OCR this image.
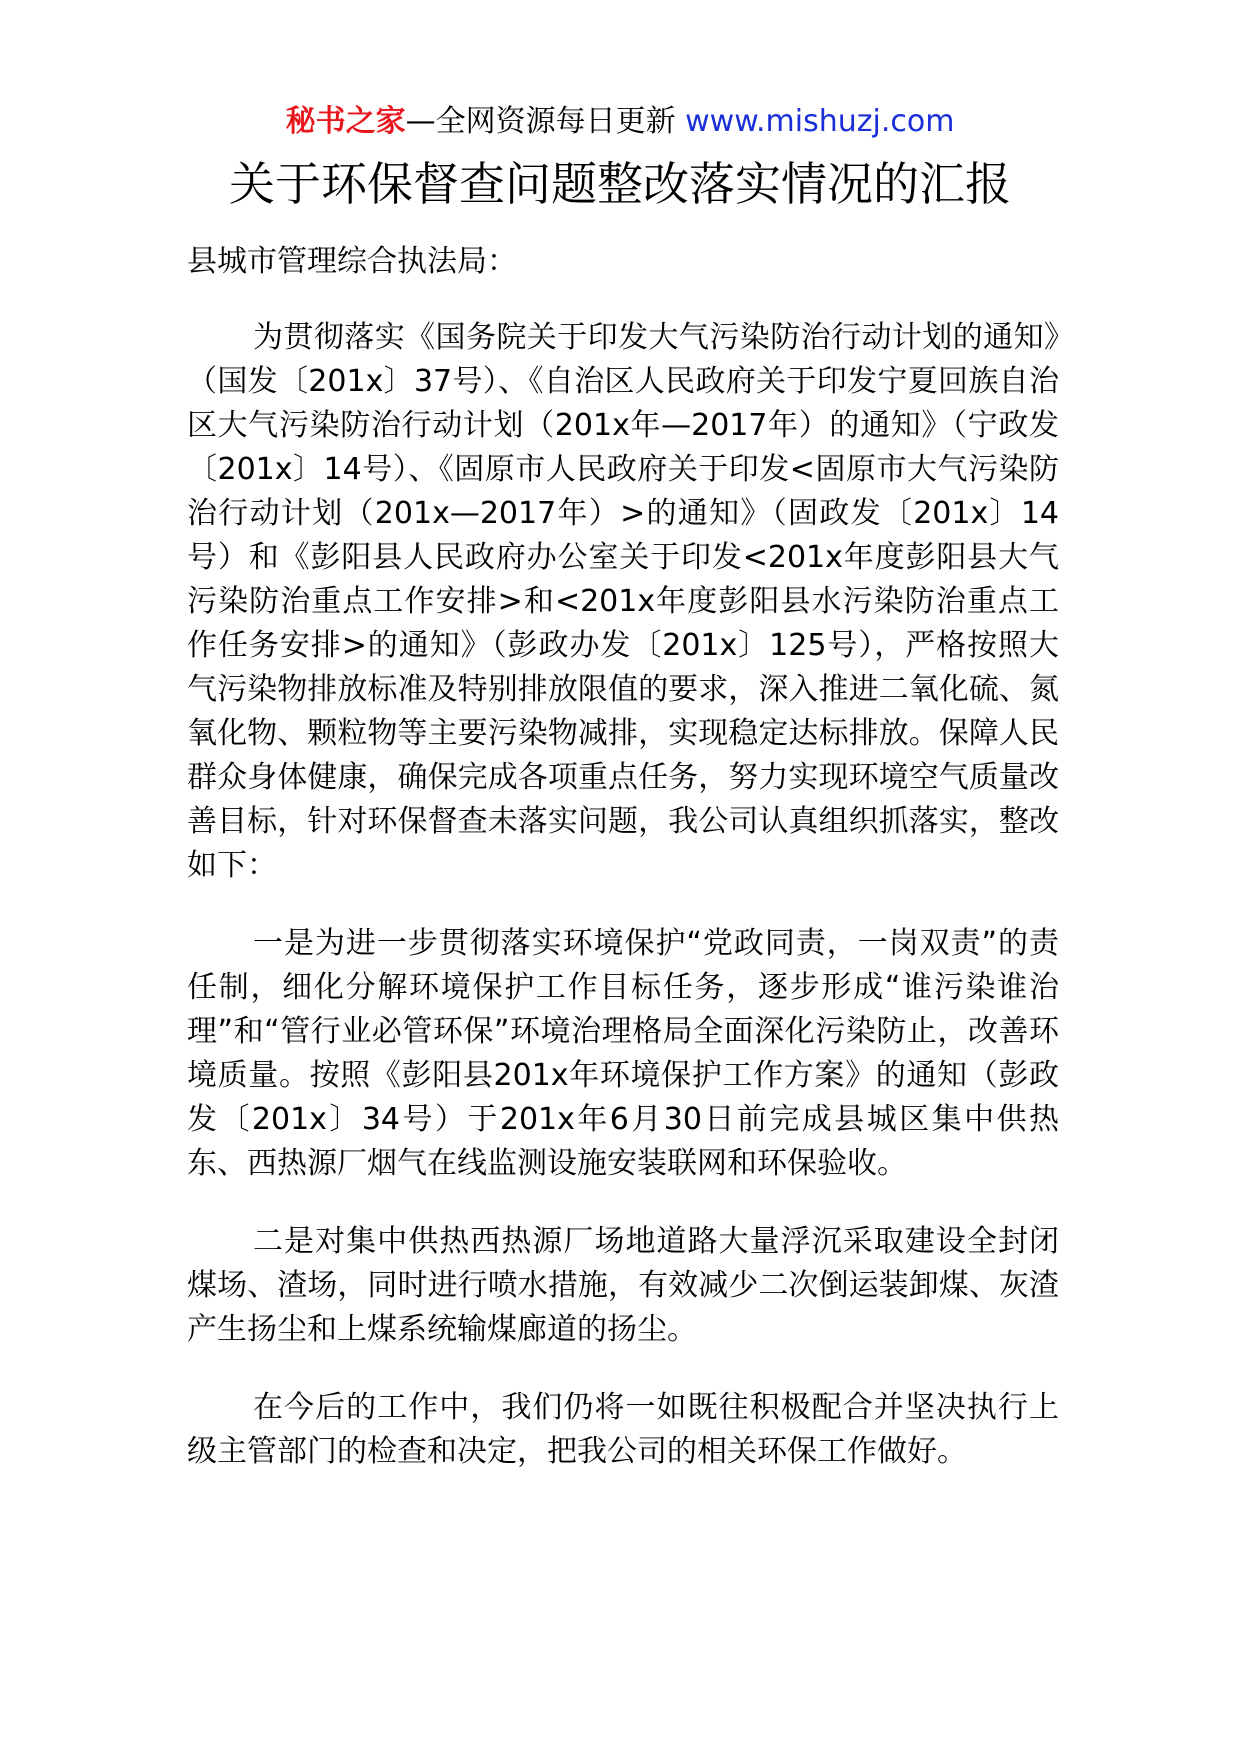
秘书之家—全网资源每日更新 www.mishuzj.com
关于环保督查问题整改落实情况的汇报
县城市管理综合执法局：

为贯彻落实《国务院关于印发大气污染防治行动计划的通知》（国发〔201x〕37号）、《自治区人民政府关于印发宁夏回族自治区大气污染防治行动计划（201x年—2017年）的通知》（宁政发〔201x〕14号）、《固原市人民政府关于印发<固原市大气污染防治行动计划（201x—2017年）>的通知》（固政发〔201x〕14号）和《彭阳县人民政府办公室关于印发<201x年度彭阳县大气污染防治重点工作安排>和<201x年度彭阳县水污染防治重点工作任务安排>的通知》（彭政办发〔201x〕125号），严格按照大气污染物排放标准及特别排放限值的要求，深入推进二氧化硫、氮氧化物、颗粒物等主要污染物减排，实现稳定达标排放。保障人民群众身体健康，确保完成各项重点任务，努力实现环境空气质量改善目标，针对环保督查未落实问题，我公司认真组织抓落实，整改如下：

一是为进一步贯彻落实环境保护“党政同责，一岗双责”的责任制，细化分解环境保护工作目标任务，逐步形成“谁污染谁治理”和“管行业必管环保”环境治理格局全面深化污染防止，改善环境质量。按照《彭阳县201x年环境保护工作方案》的通知（彭政发〔201x〕34号）于201x年6月30日前完成县城区集中供热东、西热源厂烟气在线监测设施安装联网和环保验收。

二是对集中供热西热源厂场地道路大量浮沉采取建设全封闭煤场、渣场，同时进行喷水措施，有效减少二次倒运装卸煤、灰渣产生扬尘和上煤系统输煤廊道的扬尘。

在今后的工作中，我们仍将一如既往积极配合并坚决执行上级主管部门的检查和决定，把我公司的相关环保工作做好。
